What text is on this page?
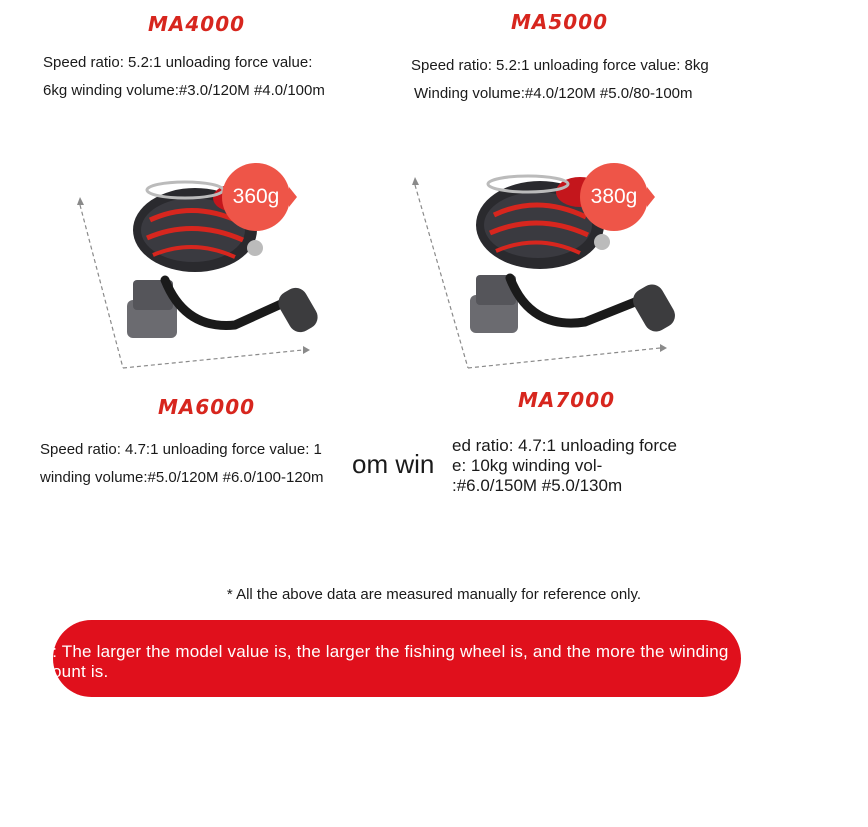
MA4000	MA5000
Speed ratio: 5.2:1 unloading force value:
6kg winding volume:#3.0/120M #4.0/100m
Speed ratio: 5.2:1 unloading force value: 8kg
Winding volume:#4.0/120M #5.0/80-100m
360g	380g
MA6000	MA7000
Speed ratio: 4.7:1 unloading force value: 1
winding volume:#5.0/120M #6.0/100-120m	om win
ed ratio: 4.7:1 unloading force
e: 10kg winding vol-
:#6.0/150M #5.0/130m
* All the above data are measured manually for reference only.
ote: The larger the model value is, the larger the fishing wheel is, and the more the winding amount is.
